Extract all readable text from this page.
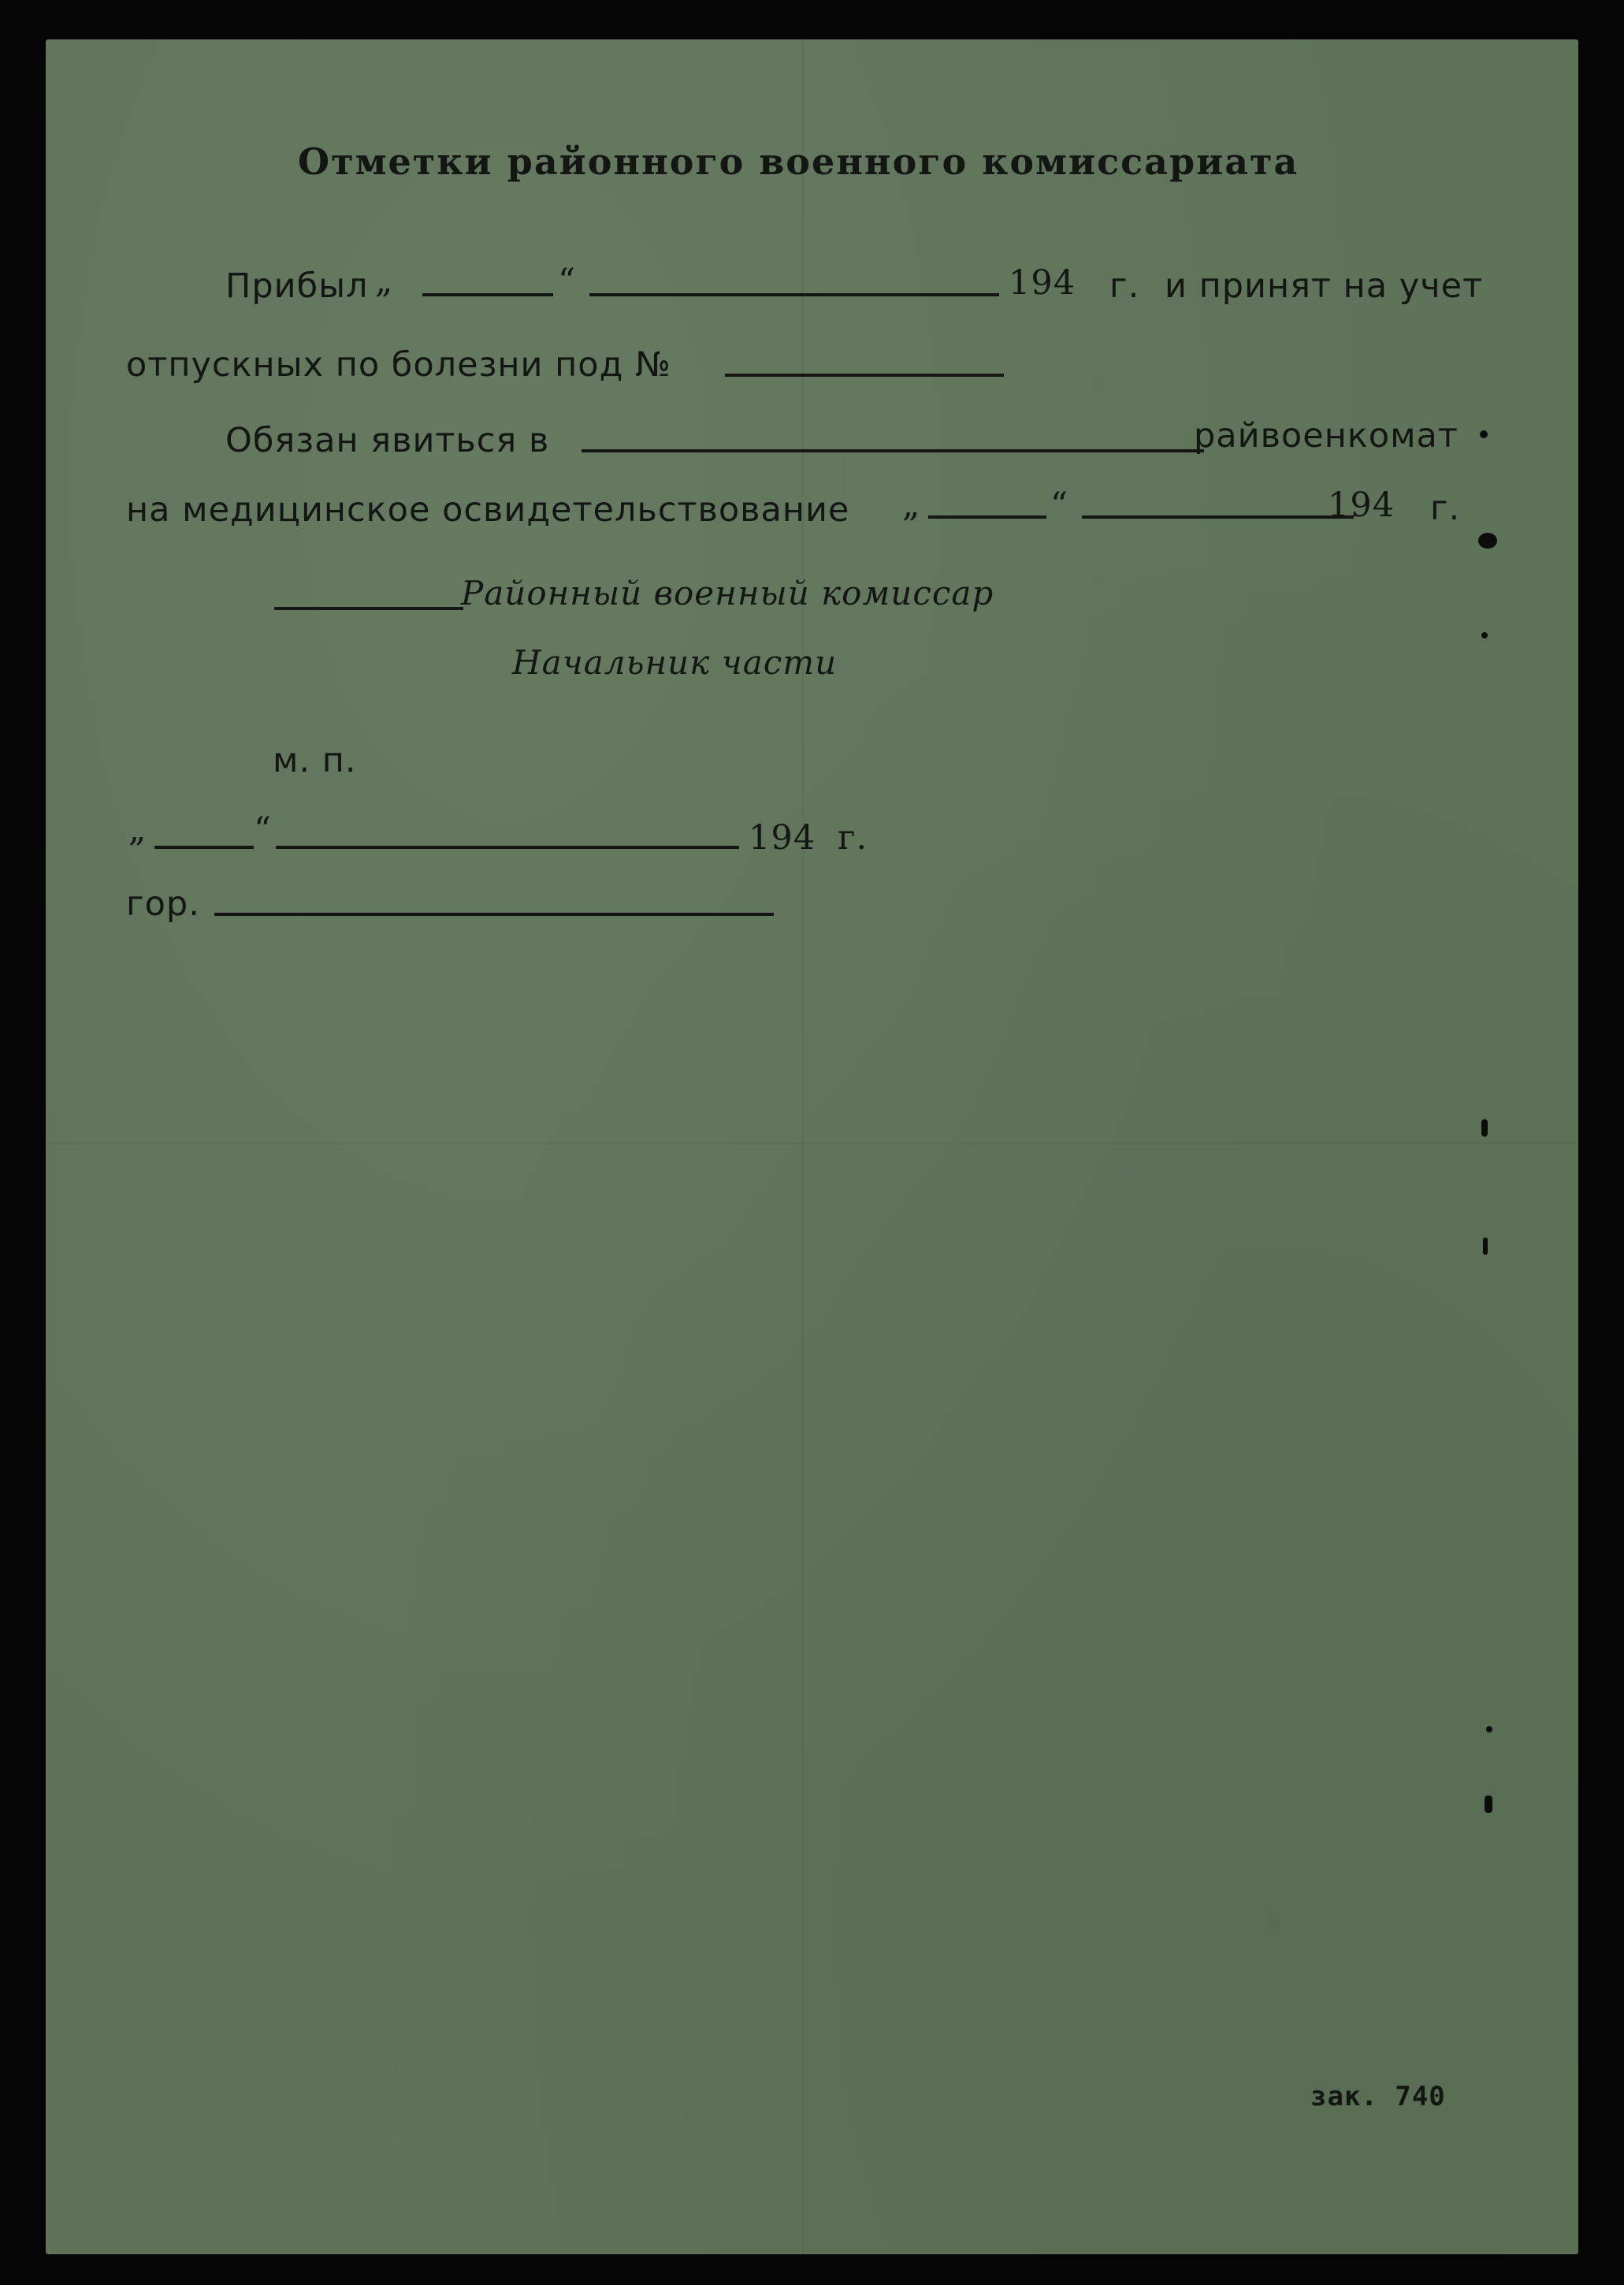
Отметки районного военного комиссариата
Прибыл „	“	194 г. и принят на учет
отпускных по болезни под №
Обязан явиться в	райвоенкомат
на медицинское освидетельствование „	“	194 г.
Районный военный комиссар
Начальник части
м. п.
„	“	194 г.
гор.
зак. 740
